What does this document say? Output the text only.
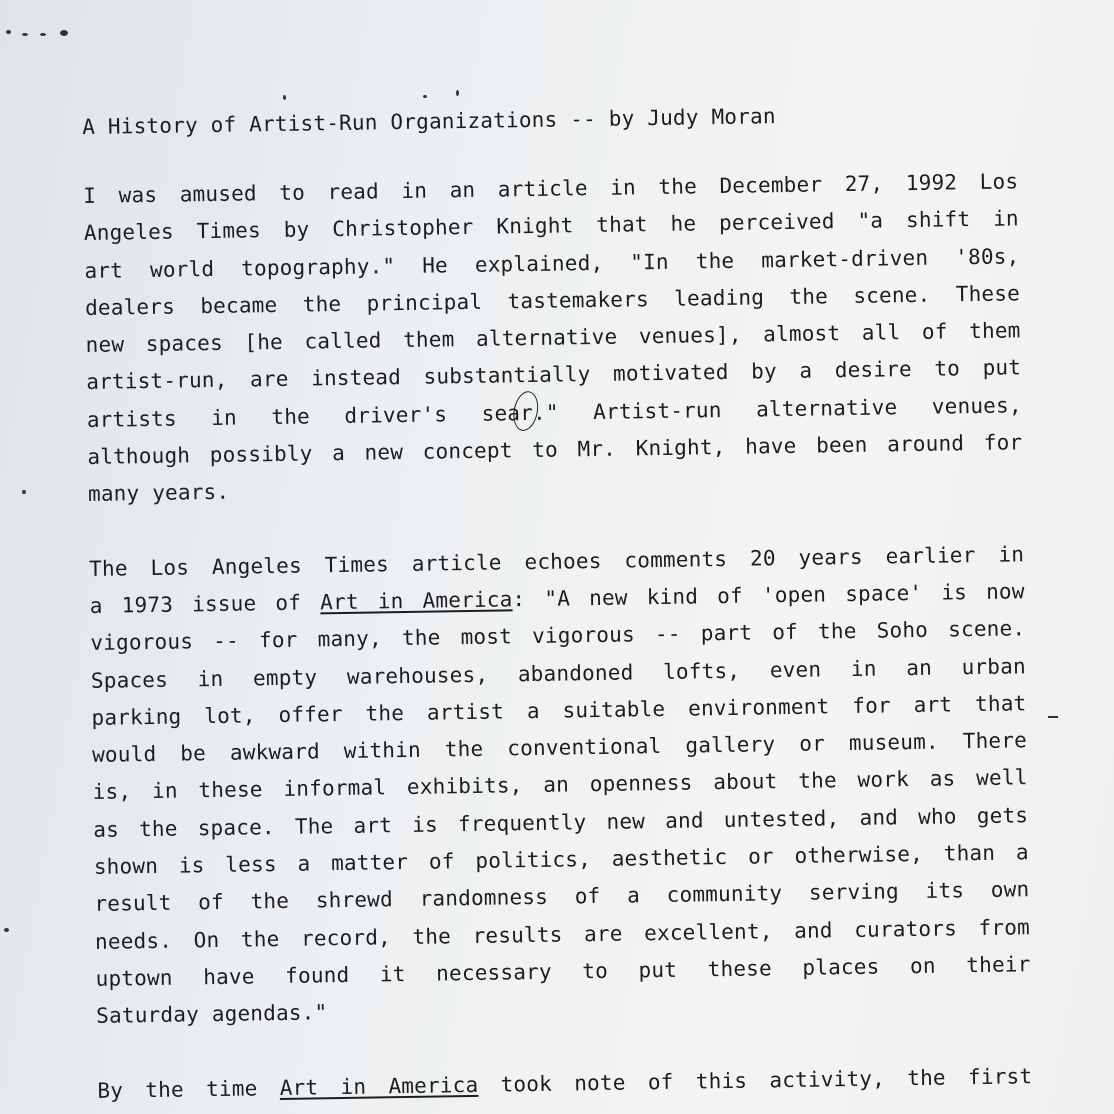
A History of Artist-Run Organizations -- by Judy Moran
I was amused to read in an article in the December 27, 1992 Los
Angeles Times by Christopher Knight that he perceived "a shift in
art world topography." He explained, "In the market-driven '80s,
dealers became the principal tastemakers leading the scene. These
new spaces [he called them alternative venues], almost all of them
artist-run, are instead substantially motivated by a desire to put
artists in the driver's sear." Artist-run alternative venues,
although possibly a new concept to Mr. Knight, have been around for
many years.
The Los Angeles Times article echoes comments 20 years earlier in
a 1973 issue of Art in America: "A new kind of 'open space' is now
vigorous -- for many, the most vigorous -- part of the Soho scene.
Spaces in empty warehouses, abandoned lofts, even in an urban
parking lot, offer the artist a suitable environment for art that
would be awkward within the conventional gallery or museum. There
is, in these informal exhibits, an openness about the work as well
as the space. The art is frequently new and untested, and who gets
shown is less a matter of politics, aesthetic or otherwise, than a
result of the shrewd randomness of a community serving its own
needs. On the record, the results are excellent, and curators from
uptown have found it necessary to put these places on their
Saturday agendas."
By the time Art in America took note of this activity, the first
